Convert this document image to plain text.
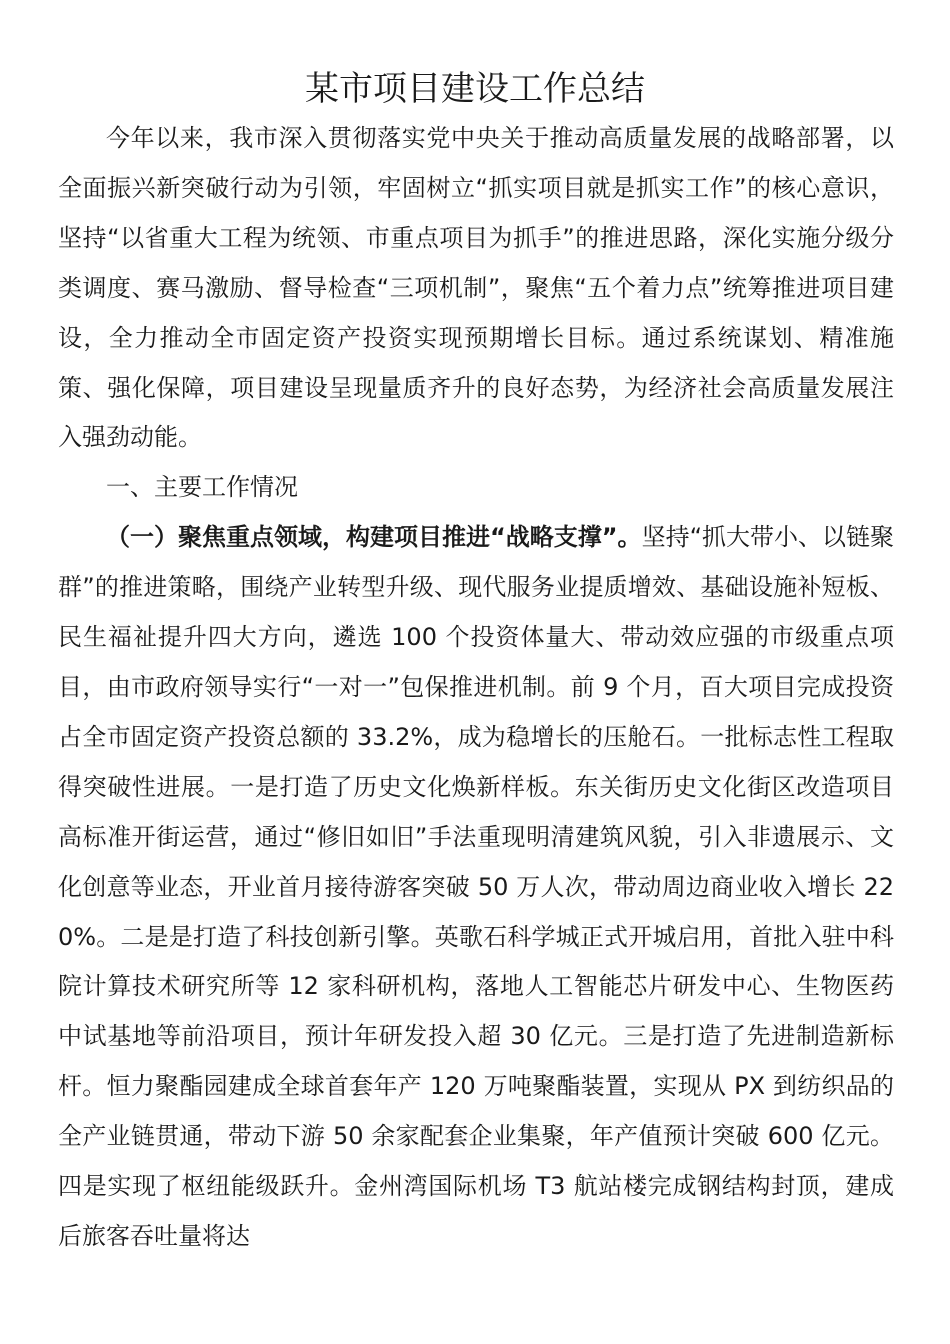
某市项目建设工作总结

今年以来，我市深入贯彻落实党中央关于推动高质量发展的战略部署，以全面振兴新突破行动为引领，牢固树立“抓实项目就是抓实工作”的核心意识，坚持“以省重大工程为统领、市重点项目为抓手”的推进思路，深化实施分级分类调度、赛马激励、督导检查“三项机制”，聚焦“五个着力点”统筹推进项目建设，全力推动全市固定资产投资实现预期增长目标。通过系统谋划、精准施策、强化保障，项目建设呈现量质齐升的良好态势，为经济社会高质量发展注入强劲动能。

一、主要工作情况

（一）聚焦重点领域，构建项目推进“战略支撑”。坚持“抓大带小、以链聚群”的推进策略，围绕产业转型升级、现代服务业提质增效、基础设施补短板、民生福祉提升四大方向，遴选 100 个投资体量大、带动效应强的市级重点项目，由市政府领导实行“一对一”包保推进机制。前 9 个月，百大项目完成投资占全市固定资产投资总额的 33.2%，成为稳增长的压舱石。一批标志性工程取得突破性进展。一是打造了历史文化焕新样板。东关街历史文化街区改造项目高标准开街运营，通过“修旧如旧”手法重现明清建筑风貌，引入非遗展示、文化创意等业态，开业首月接待游客突破 50 万人次，带动周边商业收入增长 220%。二是是打造了科技创新引擎。英歌石科学城正式开城启用，首批入驻中科院计算技术研究所等 12 家科研机构，落地人工智能芯片研发中心、生物医药中试基地等前沿项目，预计年研发投入超 30 亿元。三是打造了先进制造新标杆。恒力聚酯园建成全球首套年产 120 万吨聚酯装置，实现从 PX 到纺织品的全产业链贯通，带动下游 50 余家配套企业集聚，年产值预计突破 600 亿元。四是实现了枢纽能级跃升。金州湾国际机场 T3 航站楼完成钢结构封顶，建成后旅客吞吐量将达
